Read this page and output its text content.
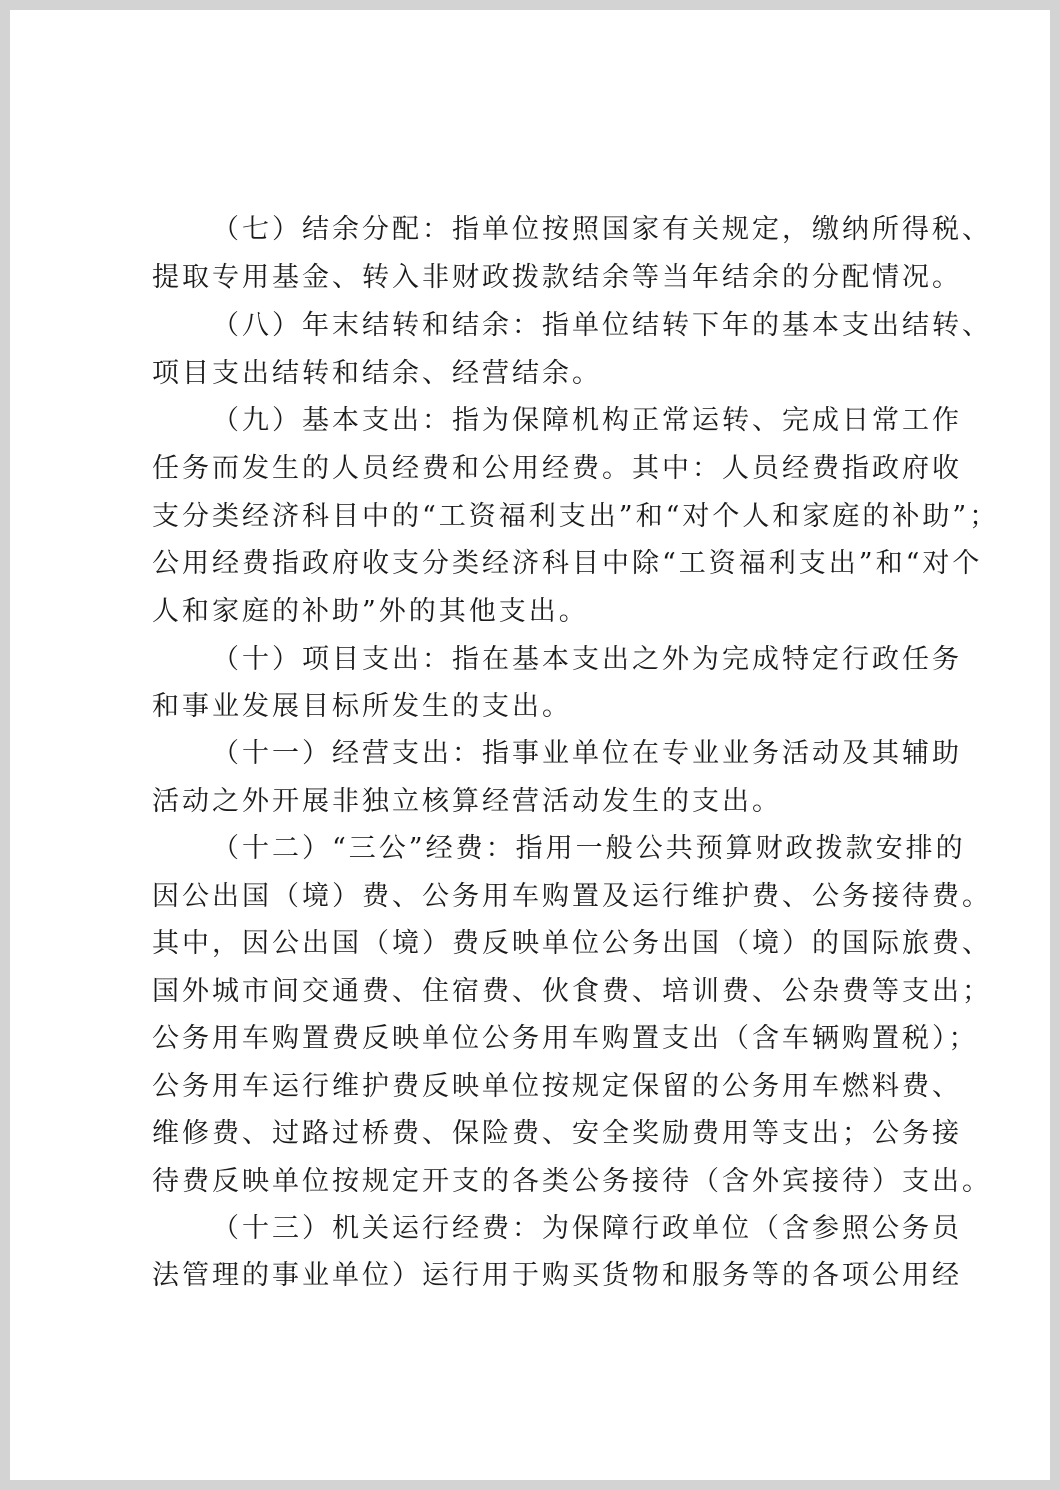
（七）结余分配：指单位按照国家有关规定，缴纳所得税、
提取专用基金、转入非财政拨款结余等当年结余的分配情况。
（八）年末结转和结余：指单位结转下年的基本支出结转、
项目支出结转和结余、经营结余。
（九）基本支出：指为保障机构正常运转、完成日常工作
任务而发生的人员经费和公用经费。其中：人员经费指政府收
支分类经济科目中的“工资福利支出”和“对个人和家庭的补助”；
公用经费指政府收支分类经济科目中除“工资福利支出”和“对个
人和家庭的补助”外的其他支出。
（十）项目支出：指在基本支出之外为完成特定行政任务
和事业发展目标所发生的支出。
（十一）经营支出：指事业单位在专业业务活动及其辅助
活动之外开展非独立核算经营活动发生的支出。
（十二）“三公”经费：指用一般公共预算财政拨款安排的
因公出国（境）费、公务用车购置及运行维护费、公务接待费。
其中，因公出国（境）费反映单位公务出国（境）的国际旅费、
国外城市间交通费、住宿费、伙食费、培训费、公杂费等支出；
公务用车购置费反映单位公务用车购置支出（含车辆购置税）；
公务用车运行维护费反映单位按规定保留的公务用车燃料费、
维修费、过路过桥费、保险费、安全奖励费用等支出；公务接
待费反映单位按规定开支的各类公务接待（含外宾接待）支出。
（十三）机关运行经费：为保障行政单位（含参照公务员
法管理的事业单位）运行用于购买货物和服务等的各项公用经
